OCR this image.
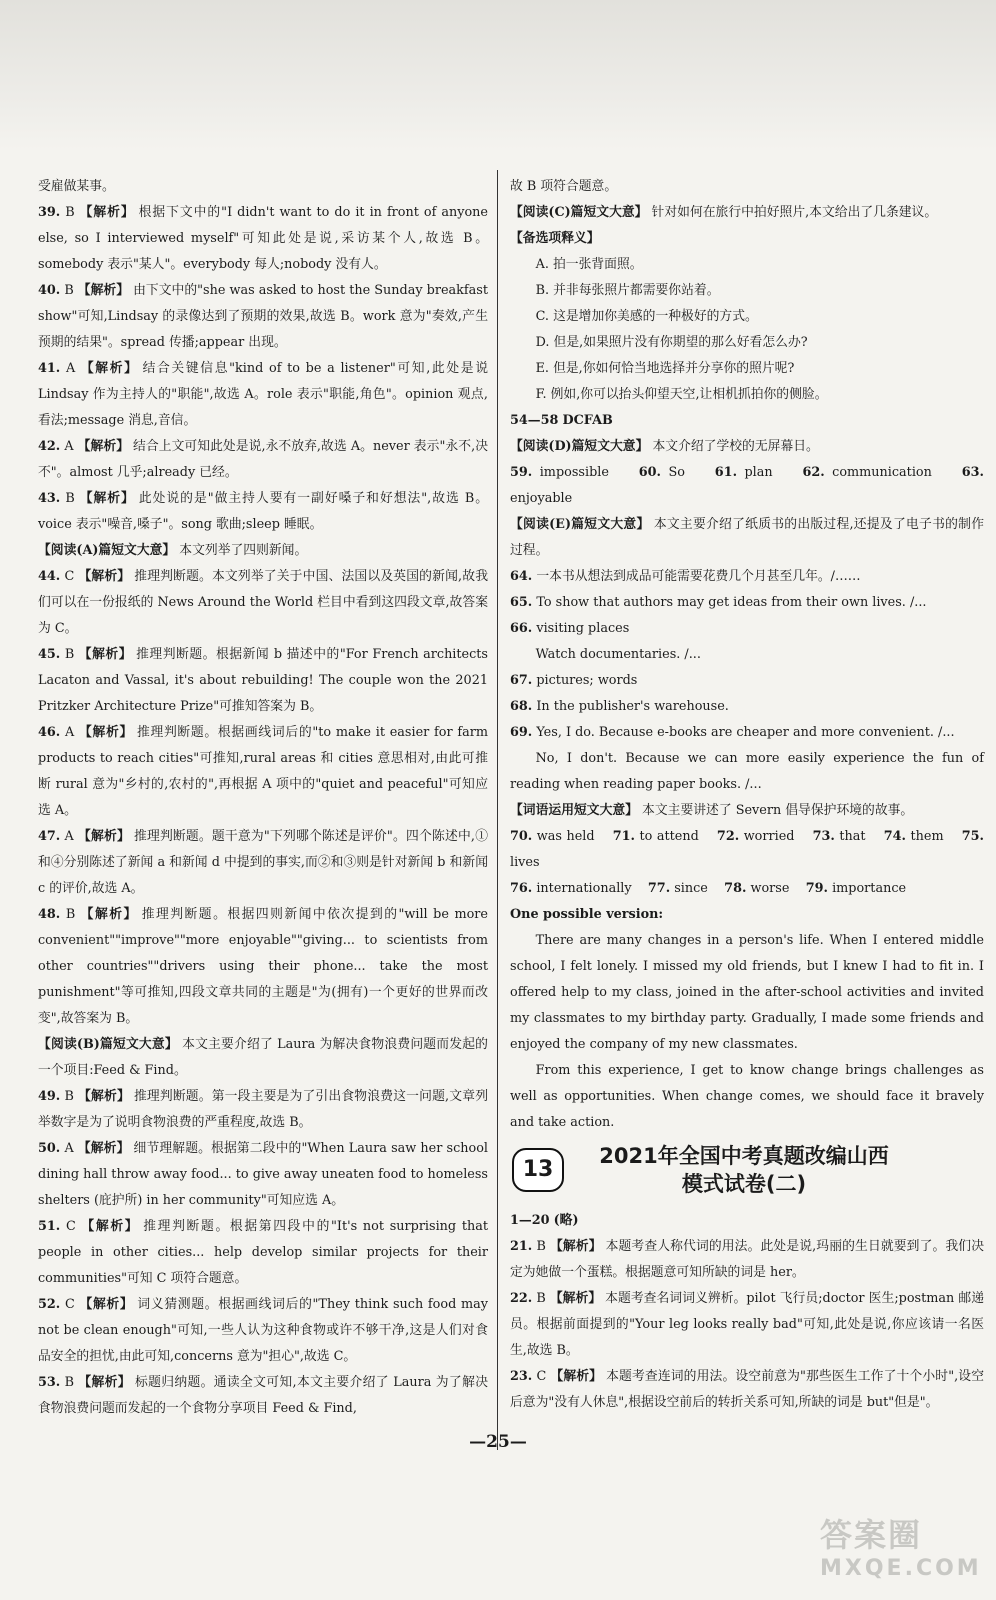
受雇做某事。

39. B 【解析】 根据下文中的"I didn't want to do it in front of anyone else, so I interviewed myself"可知此处是说,采访某个人,故选 B。somebody 表示"某人"。everybody 每人;nobody 没有人。

40. B 【解析】 由下文中的"she was asked to host the Sunday breakfast show"可知,Lindsay 的录像达到了预期的效果,故选 B。work 意为"奏效,产生预期的结果"。spread 传播;appear 出现。

41. A 【解析】 结合关键信息"kind of to be a listener"可知,此处是说 Lindsay 作为主持人的"职能",故选 A。role 表示"职能,角色"。opinion 观点,看法;message 消息,音信。

42. A 【解析】 结合上文可知此处是说,永不放弃,故选 A。never 表示"永不,决不"。almost 几乎;already 已经。

43. B 【解析】 此处说的是"做主持人要有一副好嗓子和好想法",故选 B。voice 表示"噪音,嗓子"。song 歌曲;sleep 睡眠。

【阅读(A)篇短文大意】 本文列举了四则新闻。

44. C 【解析】 推理判断题。本文列举了关于中国、法国以及英国的新闻,故我们可以在一份报纸的 News Around the World 栏目中看到这四段文章,故答案为 C。

45. B 【解析】 推理判断题。根据新闻 b 描述中的"For French architects Lacaton and Vassal, it's about rebuilding! The couple won the 2021 Pritzker Architecture Prize"可推知答案为 B。

46. A 【解析】 推理判断题。根据画线词后的"to make it easier for farm products to reach cities"可推知,rural areas 和 cities 意思相对,由此可推断 rural 意为"乡村的,农村的",再根据 A 项中的"quiet and peaceful"可知应选 A。

47. A 【解析】 推理判断题。题干意为"下列哪个陈述是评价"。四个陈述中,①和④分别陈述了新闻 a 和新闻 d 中提到的事实,而②和③则是针对新闻 b 和新闻 c 的评价,故选 A。

48. B 【解析】 推理判断题。根据四则新闻中依次提到的"will be more convenient""improve""more enjoyable""giving... to scientists from other countries""drivers using their phone... take the most punishment"等可推知,四段文章共同的主题是"为(拥有)一个更好的世界而改变",故答案为 B。

【阅读(B)篇短文大意】 本文主要介绍了 Laura 为解决食物浪费问题而发起的一个项目:Feed & Find。

49. B 【解析】 推理判断题。第一段主要是为了引出食物浪费这一问题,文章列举数字是为了说明食物浪费的严重程度,故选 B。

50. A 【解析】 细节理解题。根据第二段中的"When Laura saw her school dining hall throw away food... to give away uneaten food to homeless shelters (庇护所) in her community"可知应选 A。

51. C 【解析】 推理判断题。根据第四段中的"It's not surprising that people in other cities... help develop similar projects for their communities"可知 C 项符合题意。

52. C 【解析】 词义猜测题。根据画线词后的"They think such food may not be clean enough"可知,一些人认为这种食物或许不够干净,这是人们对食品安全的担忧,由此可知,concerns 意为"担心",故选 C。

53. B 【解析】 标题归纳题。通读全文可知,本文主要介绍了 Laura 为了解决食物浪费问题而发起的一个食物分享项目 Feed & Find,

故 B 项符合题意。

【阅读(C)篇短文大意】 针对如何在旅行中拍好照片,本文给出了几条建议。

【备选项释义】

A. 拍一张背面照。

B. 并非每张照片都需要你站着。

C. 这是增加你美感的一种极好的方式。

D. 但是,如果照片没有你期望的那么好看怎么办?

E. 但是,你如何恰当地选择并分享你的照片呢?

F. 例如,你可以抬头仰望天空,让相机抓拍你的侧脸。

54—58 DCFAB

【阅读(D)篇短文大意】 本文介绍了学校的无屏幕日。

59. impossible 60. So 61. plan 62. communication 63. enjoyable

【阅读(E)篇短文大意】 本文主要介绍了纸质书的出版过程,还提及了电子书的制作过程。

64. 一本书从想法到成品可能需要花费几个月甚至几年。/……

65. To show that authors may get ideas from their own lives. /...

66. visiting places

Watch documentaries. /...

67. pictures; words

68. In the publisher's warehouse.

69. Yes, I do. Because e-books are cheaper and more convenient. /...

No, I don't. Because we can more easily experience the fun of reading when reading paper books. /...

【词语运用短文大意】 本文主要讲述了 Severn 倡导保护环境的故事。

70. was held 71. to attend 72. worried 73. that 74. them 75. lives

76. internationally 77. since 78. worse 79. importance

One possible version:

There are many changes in a person's life. When I entered middle school, I felt lonely. I missed my old friends, but I knew I had to fit in. I offered help to my class, joined in the after-school activities and invited my classmates to my birthday party. Gradually, I made some friends and enjoyed the company of my new classmates.

From this experience, I get to know change brings challenges as well as opportunities. When change comes, we should face it bravely and take action.

13
2021年全国中考真题改编山西
模式试卷(二)

1—20 (略)

21. B 【解析】 本题考查人称代词的用法。此处是说,玛丽的生日就要到了。我们决定为她做一个蛋糕。根据题意可知所缺的词是 her。

22. B 【解析】 本题考查名词词义辨析。pilot 飞行员;doctor 医生;postman 邮递员。根据前面提到的"Your leg looks really bad"可知,此处是说,你应该请一名医生,故选 B。

23. C 【解析】 本题考查连词的用法。设空前意为"那些医生工作了十个小时",设空后意为"没有人休息",根据设空前后的转折关系可知,所缺的词是 but"但是"。

—25—
答案圈
MXQE.COM
